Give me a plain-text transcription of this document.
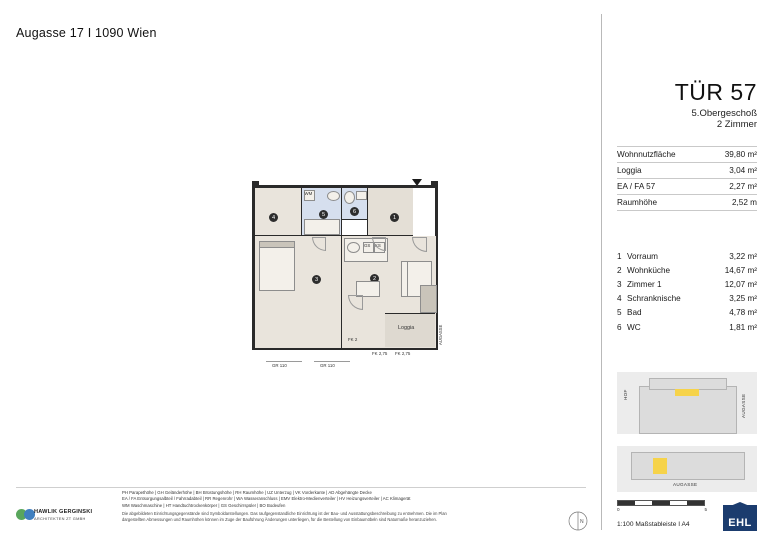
Augasse 17 I 1090 Wien
4	5
WM
6
1
3	2
GS KS
Loggia	AUGASSE
GR 110	GR 110
FK 2
FK 2,75 FK 2,75
TÜR 57
5.Obergeschoß
2 Zimmer
Wohnnutzfläche	39,80 m²
Loggia	3,04 m²
EA / FA 57	2,27 m²
Raumhöhe	2,52 m
1	Vorraum	3,22 m²
2	Wohnküche	14,67 m²
3	Zimmer 1	12,07 m²
4	Schranknische	3,25 m²
5	Bad	4,78 m²
6	WC	1,81 m²
HOF	AUGASSE
AUGASSE
0	5
1:100 Maßstableiste I A4	EHL
N
HAWLIK GERGINSKI
ARCHITEKTEN ZT GMBH

PH Parapethöhe | GH Geländerhöhe | BH Brüstungshöhe | RH Raumhöhe | UZ Unterzug | VK Vorderkante | AD Abgehängte Decke

EA / FA Entsorgungsalbteil / Fahrradabteil | RR Regenrohr | WA Wasseranschluss | EMV Elektro-Medienverteiler | HV Heizungsverteiler | AC Klimagerät

WM Waschmaschine | HT Handtuchtrockenkörper | GS Geschirrspüler | BO Bodeufen

Die abgebildeten Einrichtungsgegenstände sind Symboldarstellungen. Das raufgegenstandliche Einrichtung ist der Bau- und Ausstattungsbeschreibung zu entnehmen. Die im Plan

dargestellten Abmessungen und Raumhöhen können im Zuge der Bauführung Änderungen unterliegen, für die Bestellung von Einbaumöbeln sind Naturmaße heranzuziehen.
